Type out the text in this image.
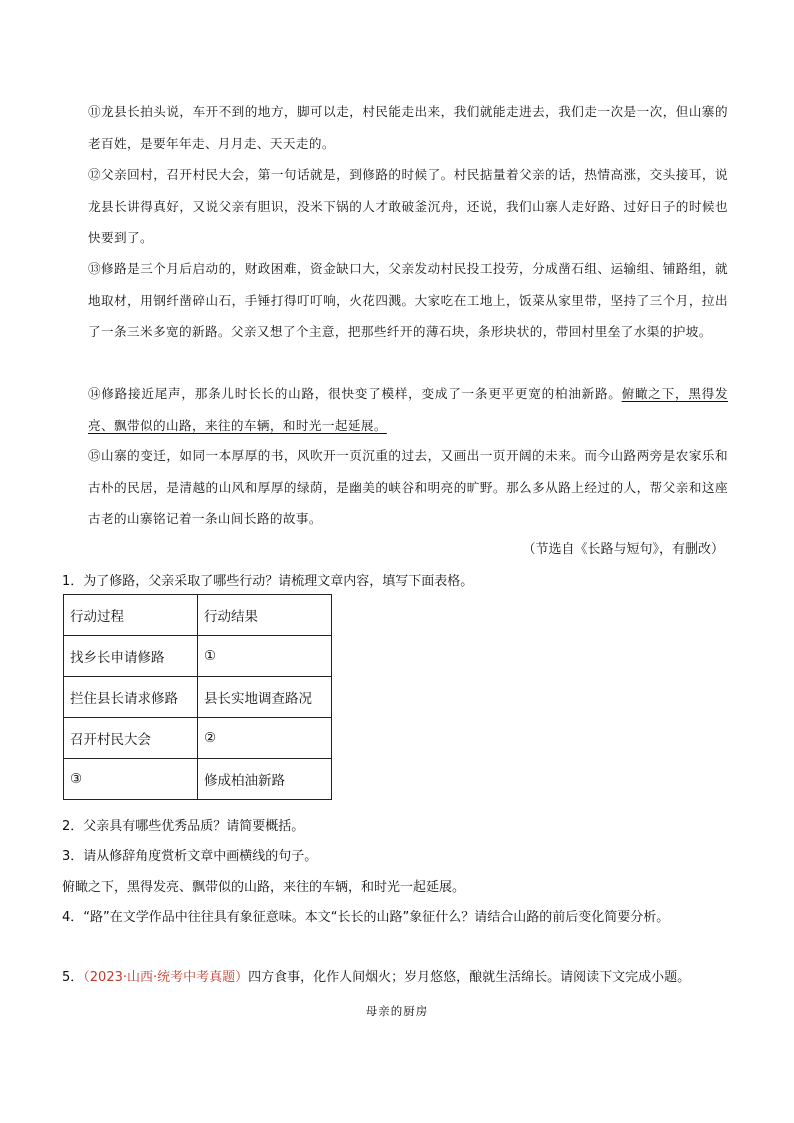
⑪龙县长拍头说，车开不到的地方，脚可以走，村民能走出来，我们就能走进去，我们走一次是一次，但山寨的老百姓，是要年年走、月月走、天天走的。
⑫父亲回村，召开村民大会，第一句话就是，到修路的时候了。村民掂量着父亲的话，热情高涨，交头接耳，说龙县长讲得真好，又说父亲有胆识，没米下锅的人才敢破釜沉舟，还说，我们山寨人走好路、过好日子的时候也快要到了。
⑬修路是三个月后启动的，财政困难，资金缺口大，父亲发动村民投工投劳，分成凿石组、运输组、铺路组，就地取材，用钢纤凿碎山石，手锤打得叮叮响，火花四溅。大家吃在工地上，饭菜从家里带，坚持了三个月，拉出了一条三米多宽的新路。父亲又想了个主意，把那些纤开的薄石块，条形块状的，带回村里垒了水渠的护坡。
⑭修路接近尾声，那条儿时长长的山路，很快变了模样，变成了一条更平更宽的柏油新路。俯瞰之下，黑得发亮、飘带似的山路，来往的车辆，和时光一起延展。
⑮山寨的变迁，如同一本厚厚的书，风吹开一页沉重的过去，又画出一页开阔的未来。而今山路两旁是农家乐和古朴的民居，是清越的山风和厚厚的绿荫，是幽美的峡谷和明亮的旷野。那么多从路上经过的人，帮父亲和这座古老的山寨铭记着一条山间长路的故事。
（节选自《长路与短句》，有删改）
1．为了修路，父亲采取了哪些行动？请梳理文章内容，填写下面表格。
行动过程	行动结果
找乡长申请修路	①
拦住县长请求修路	县长实地调查路况
召开村民大会	②
③	修成柏油新路
2．父亲具有哪些优秀品质？请简要概括。
3．请从修辞角度赏析文章中画横线的句子。
俯瞰之下，黑得发亮、飘带似的山路，来往的车辆，和时光一起延展。
4．“路”在文学作品中往往具有象征意味。本文“长长的山路”象征什么？请结合山路的前后变化简要分析。
5．（2023·山西·统考中考真题）四方食事，化作人间烟火；岁月悠悠，酿就生活绵长。请阅读下文完成小题。
母亲的厨房
